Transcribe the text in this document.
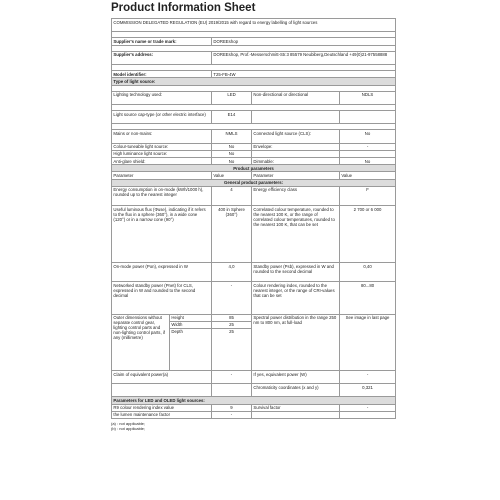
Product Information Sheet
COMMISSION DELEGATED REGULATION (EU) 2019/2015 with regard to energy labelling of light sources				

Supplier's name or trade mark:		DOREEshop		

Supplier's address:		DOREEshop, Prof.-Messerschmitt-Str.3 85579 Neubiberg,Deutschland +49(0)21-97558888		

Model identifier:		T25-FB-4W		
Type of light source:				

Lighting technology used:		LED	Non-directional or directional	NDLS

Light source cap-type (or other electric interface)		E14		

Mains or non-mains:		NMLS	Connected light source (CLS):	No
Colour-tuneable light source:		No	Envelope:	-
High luminance light source:		No		
Anti-glare shield:		No	Dimmable:	No
Product parameters				
Parameter		Value	Parameter	Value
General product parameters:				
Energy consumption in on-mode (kWh/1000 h), rounded up to the nearest integer		4	Energy efficiency class	F
Useful luminous flux (Φuse), indicating if it refers to the flux in a sphere (360°), in a wide cone (120°) or in a narrow cone (90°)		400 in Sphere (360°)	Correlated colour temperature, rounded to the nearest 100 K, or the range of correlated colour temperatures, rounded to the nearest 100 K, that can be set	2 700 or 6 000
On-mode power (Pon), expressed in W		4,0	Standby power (Psb), expressed in W and rounded to the second decimal	0,40
Networked standby power (Pnet) for CLS, expressed in W and rounded to the second decimal		-	Colour rendering index, rounded to the nearest integer, or the range of CRI-values that can be set	80...80
Outer dimensions without separate control gear, lighting control parts and non-lighting control parts, if any (millimetre)	Height	85	Spectral power distribution in the range 250 nm to 800 nm, at full-load	See image in last page
	Width	25		
	Depth	25		
Claim of equivalent power(a)		-	If yes, equivalent power (W)	-
			Chromaticity coordinates (x and y)	0,321
Parameters for LED and OLED light sources:				
R9 colour rendering index value		9	Survival factor	-
the lumen maintenance factor		-		
(a) : not applicable;
(b) : not applicable;
